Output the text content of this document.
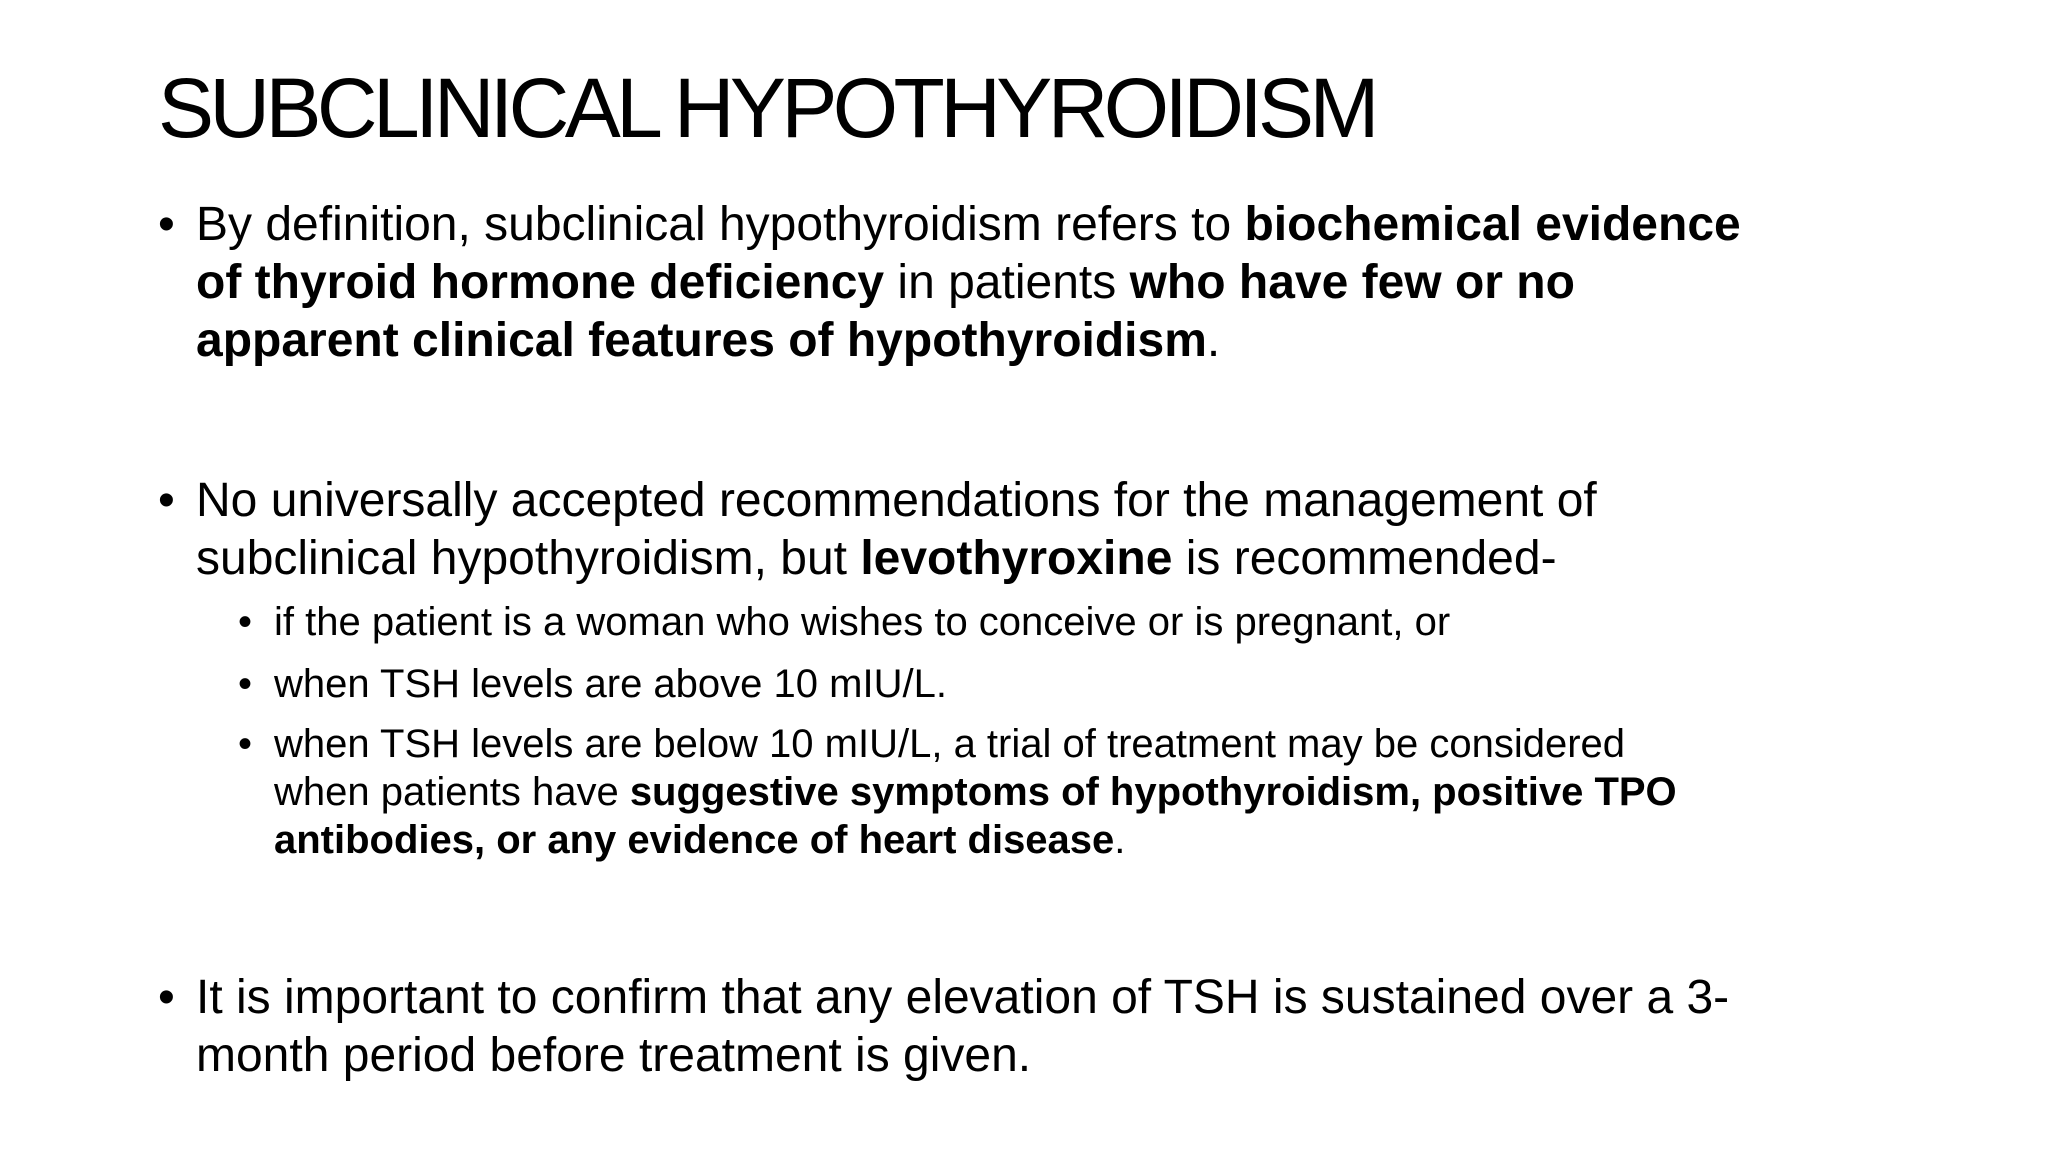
SUBCLINICAL HYPOTHYROIDISM
• By definition, subclinical hypothyroidism refers to biochemical evidence
of thyroid hormone deficiency in patients who have few or no
apparent clinical features of hypothyroidism.
• No universally accepted recommendations for the management of
subclinical hypothyroidism, but levothyroxine is recommended-
• if the patient is a woman who wishes to conceive or is pregnant, or
• when TSH levels are above 10 mIU/L.
• when TSH levels are below 10 mIU/L, a trial of treatment may be considered
when patients have suggestive symptoms of hypothyroidism, positive TPO
antibodies, or any evidence of heart disease.
• It is important to confirm that any elevation of TSH is sustained over a 3-
month period before treatment is given.
